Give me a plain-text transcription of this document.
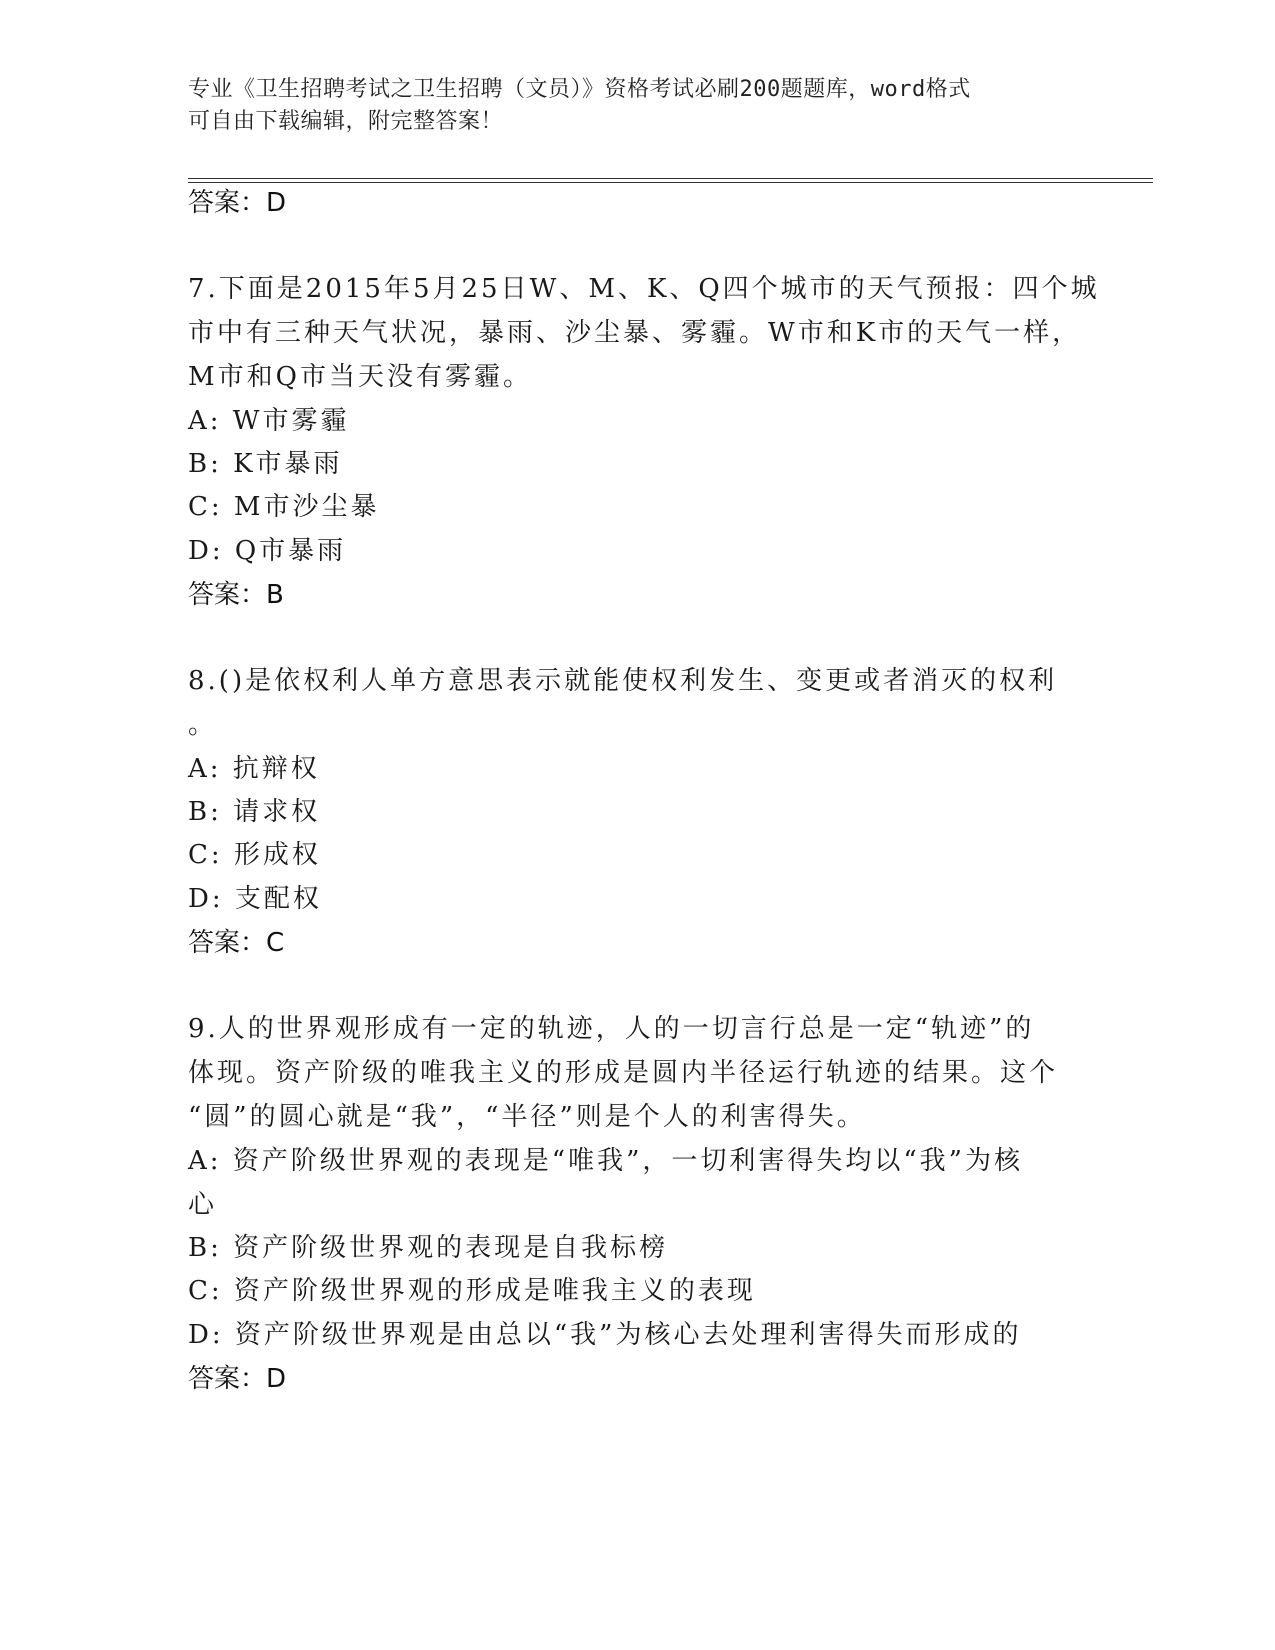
专业《卫生招聘考试之卫生招聘（文员）》资格考试必刷200题题库，word格式
可自由下载编辑，附完整答案！
答案：D
7.下面是2015年5月25日W、M、K、Q四个城市的天气预报：四个城
市中有三种天气状况，暴雨、沙尘暴、雾霾。W市和K市的天气一样，
M市和Q市当天没有雾霾。
A: W市雾霾
B: K市暴雨
C: M市沙尘暴
D: Q市暴雨
答案：B
8.()是依权利人单方意思表示就能使权利发生、变更或者消灭的权利
。
A: 抗辩权
B: 请求权
C: 形成权
D: 支配权
答案：C
9.人的世界观形成有一定的轨迹，人的一切言行总是一定“轨迹”的
体现。资产阶级的唯我主义的形成是圆内半径运行轨迹的结果。这个
“圆”的圆心就是“我”，“半径”则是个人的利害得失。
A: 资产阶级世界观的表现是“唯我”，一切利害得失均以“我”为核
心
B: 资产阶级世界观的表现是自我标榜
C: 资产阶级世界观的形成是唯我主义的表现
D: 资产阶级世界观是由总以“我”为核心去处理利害得失而形成的
答案：D
